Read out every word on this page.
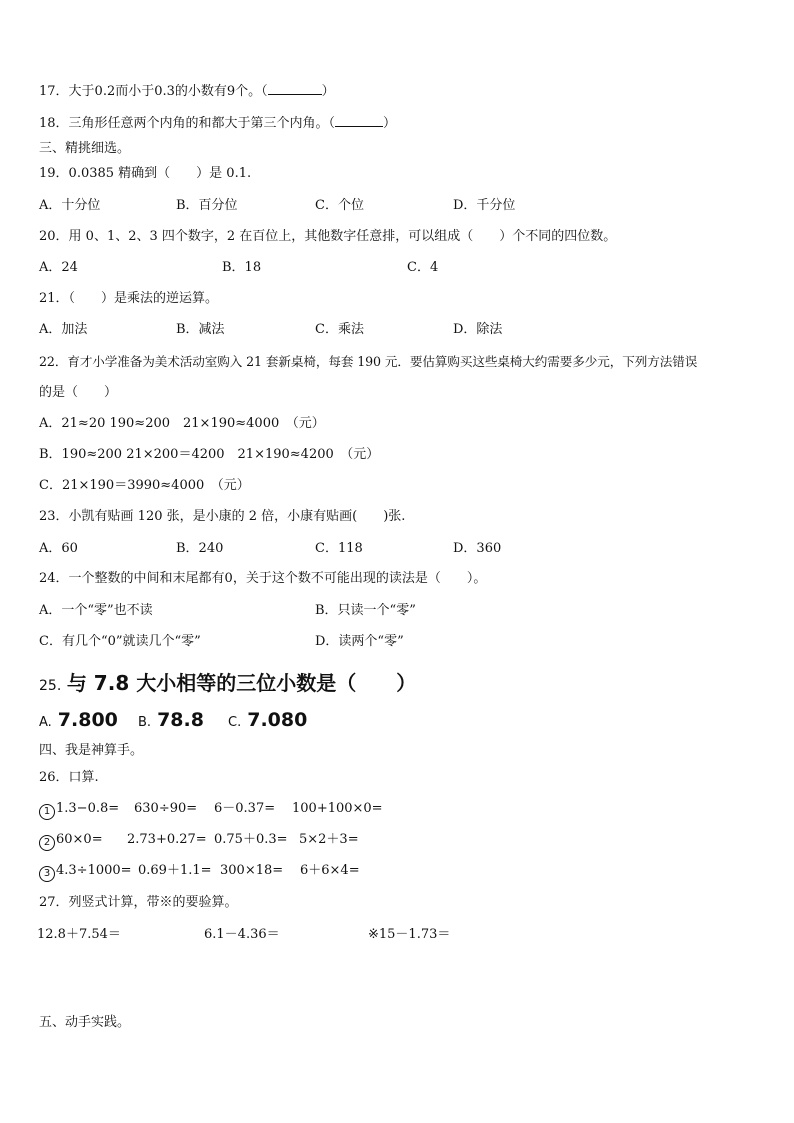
17．大于0.2而小于0.3的小数有9个。（	）
18．三角形任意两个内角的和都大于第三个内角。（	）
三、精挑细选。
19．0.0385 精确到（　　）是 0.1.
A．十分位	B．百分位	C．个位	D．千分位
20．用 0、1、2、3 四个数字，2 在百位上，其他数字任意排，可以组成（　　）个不同的四位数。
A．24	B．18	C．4
21．（　　）是乘法的逆运算。
A．加法	B．减法	C．乘法	D．除法
22．育才小学准备为美术活动室购入 21 套新桌椅，每套 190 元．要估算购买这些桌椅大约需要多少元，下列方法错误
的是（　　）
A．21≈20 190≈200　21×190≈4000　（元）
B．190≈200 21×200＝4200　21×190≈4200　（元）
C．21×190＝3990≈4000　（元）
23．小凯有贴画 120 张，是小康的 2 倍，小康有贴画(　　)张.
A．60	B．240	C．118	D．360
24．一个整数的中间和末尾都有0，关于这个数不可能出现的读法是（　　）。
A．一个“零”也不读	B．只读一个“零”
C．有几个“0”就读几个“零”	D．读两个“零”
25. 与 7.8 大小相等的三位小数是（　　）
A. 7.800 B. 78.8 C. 7.080
四、我是神算手。
26．口算.
1 1.3−0.8= 630÷90= 6－0.37= 100+100×0=
2 60×0= 2.73+0.27= 0.75＋0.3= 5×2＋3=
3 4.3÷1000= 0.69＋1.1= 300×18= 6＋6×4=
27．列竖式计算，带※的要验算。
12.8＋7.54＝	6.1－4.36＝	※15－1.73＝
五、动手实践。
